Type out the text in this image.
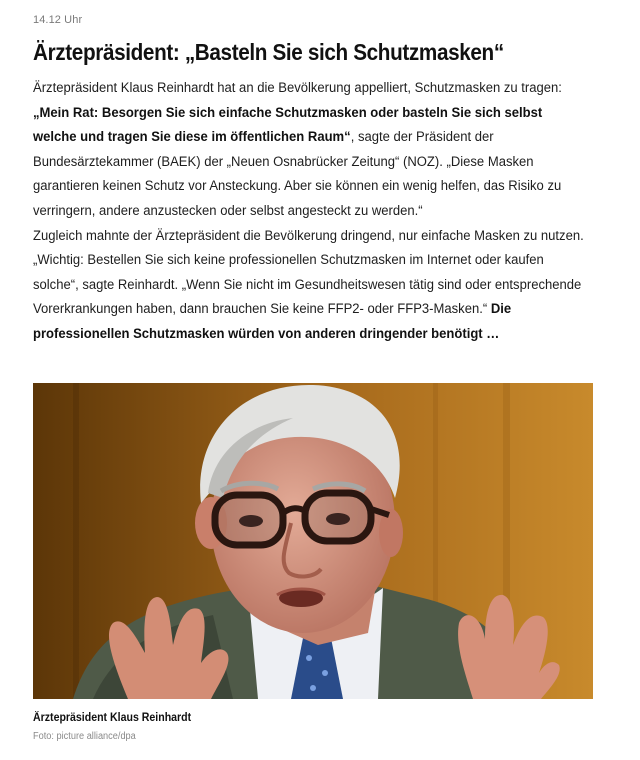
14.12 Uhr
Ärztepräsident: „Basteln Sie sich Schutzmasken“

Ärztepräsident Klaus Reinhardt hat an die Bevölkerung appelliert, Schutzmasken zu tragen: „Mein Rat: Besorgen Sie sich einfache Schutzmasken oder basteln Sie sich selbst welche und tragen Sie diese im öffentlichen Raum“, sagte der Präsident der Bundesärztekammer (BAEK) der „Neuen Osnabrücker Zeitung“ (NOZ). „Diese Masken garantieren keinen Schutz vor Ansteckung. Aber sie können ein wenig helfen, das Risiko zu verringern, andere anzustecken oder selbst angesteckt zu werden.“

Zugleich mahnte der Ärztepräsident die Bevölkerung dringend, nur einfache Masken zu nutzen. „Wichtig: Bestellen Sie sich keine professionellen Schutzmasken im Internet oder kaufen solche“, sagte Reinhardt. „Wenn Sie nicht im Gesundheitswesen tätig sind oder entsprechende Vorerkrankungen haben, dann brauchen Sie keine FFP2- oder FFP3-Masken.“ Die professionellen Schutzmasken würden von anderen dringender benötigt …

Ärztepräsident Klaus Reinhardt
Foto: picture alliance/dpa
